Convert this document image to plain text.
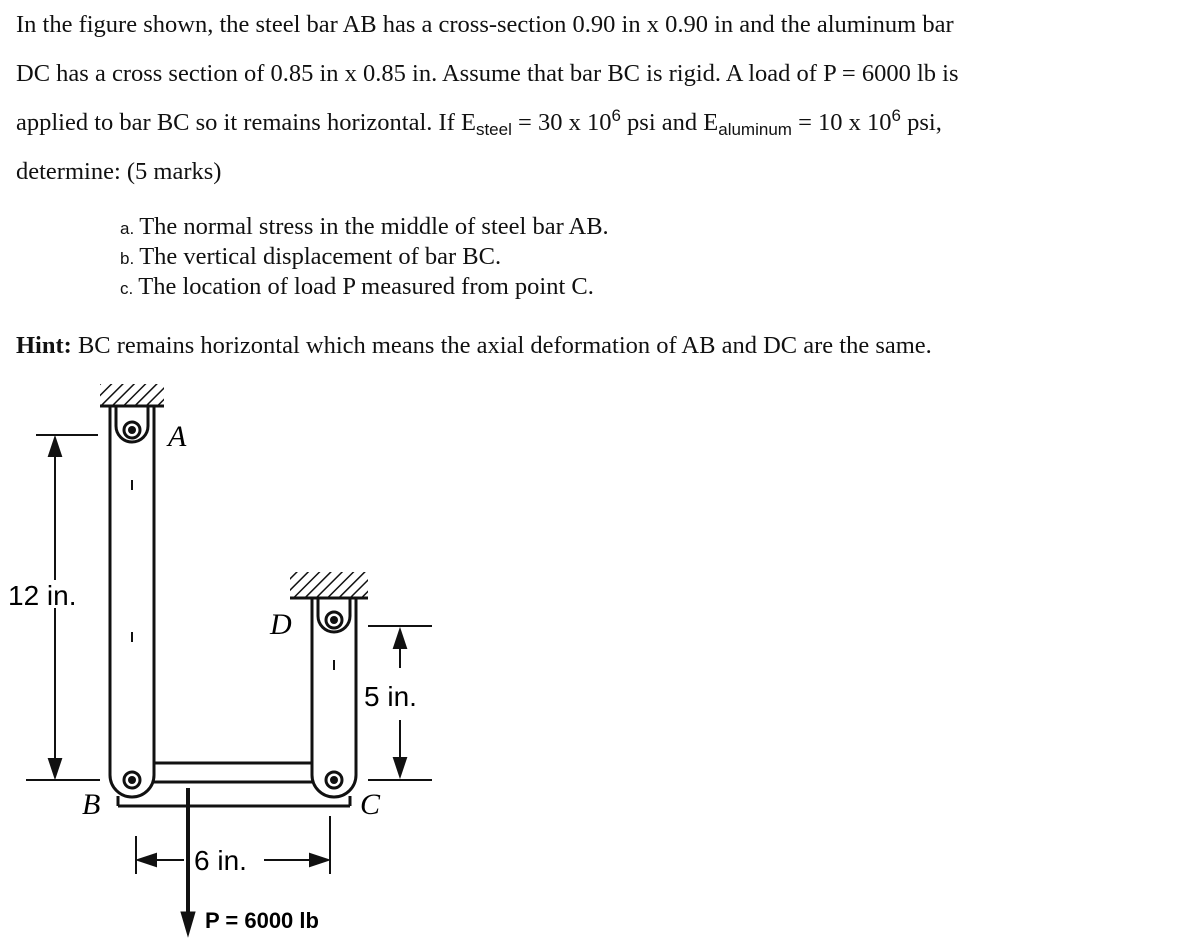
In the figure shown, the steel bar AB has a cross-section 0.90 in x 0.90 in and the aluminum bar

DC has a cross section of 0.85 in x 0.85 in. Assume that bar BC is rigid. A load of P = 6000 lb is

applied to bar BC so it remains horizontal. If $E_{steel} = 30$ x $10^6$ psi and $E_{aluminum} = 10$ x $10^6$ psi,

determine: (5 marks)

a. The normal stress in the middle of steel bar AB.
b. The vertical displacement of bar BC.
c. The location of load P measured from point C.
Hint: BC remains horizontal which means the axial deformation of AB and DC are the same.
A
B	C
D
12 in.
5 in.
6 in.
P = 6000 lb
